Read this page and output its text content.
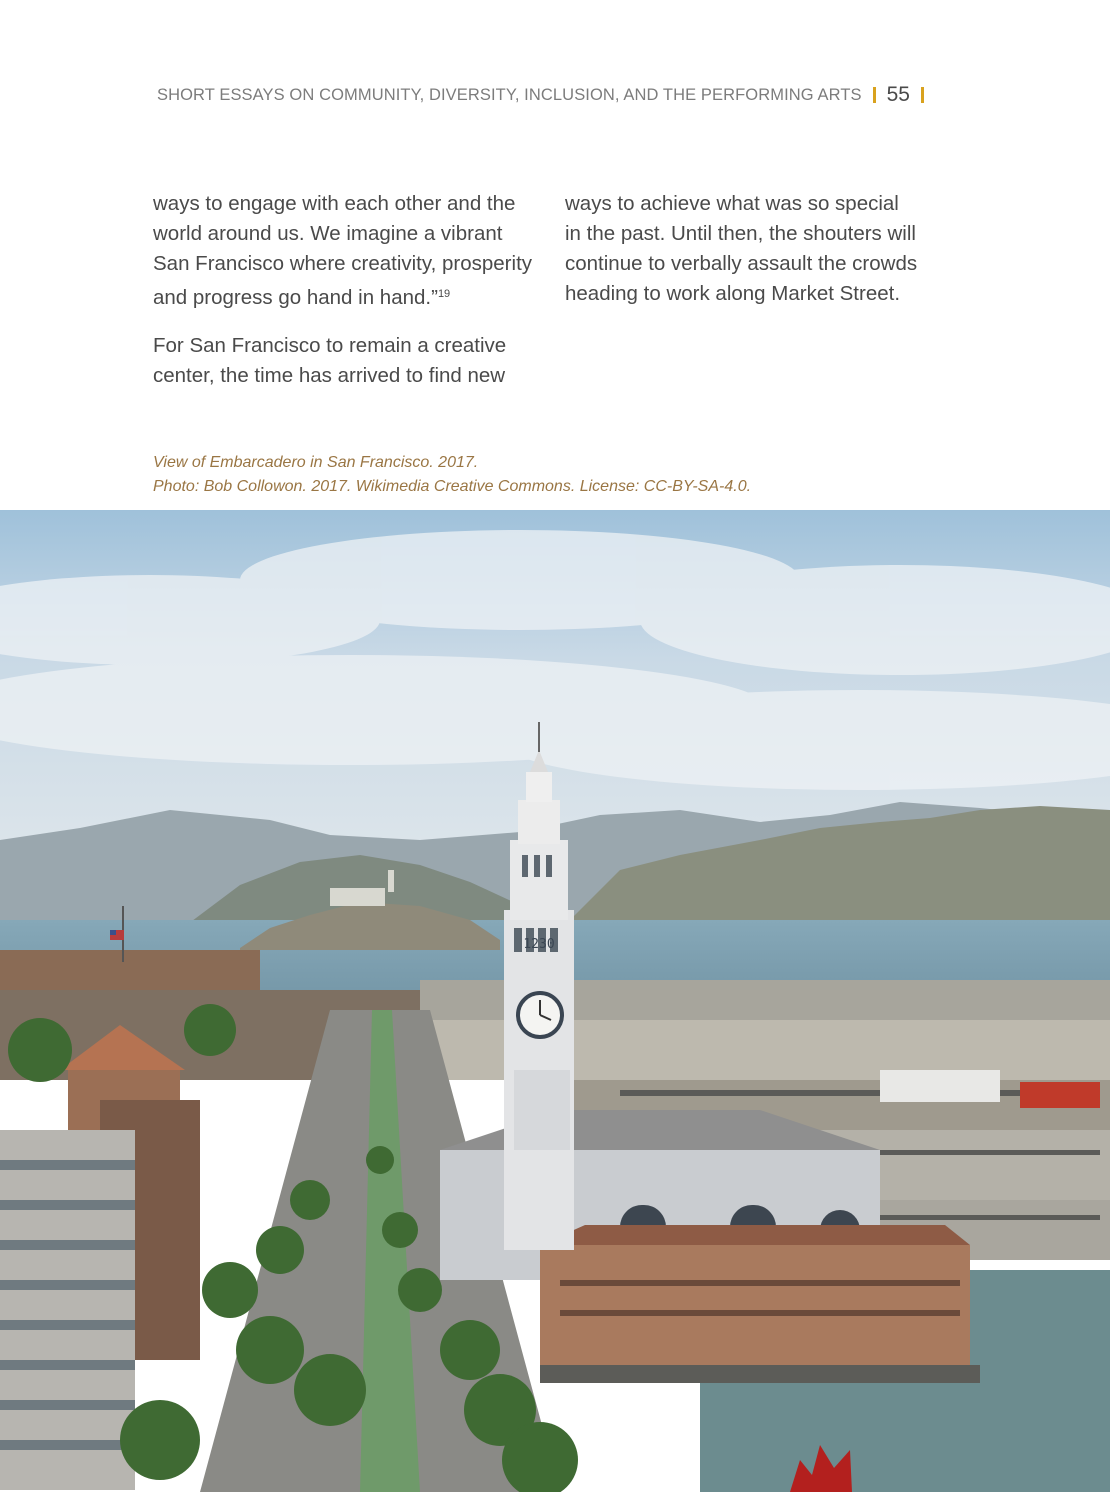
SHORT ESSAYS ON COMMUNITY, DIVERSITY, INCLUSION, AND THE PERFORMING ARTS 55

ways to engage with each other and the
world around us. We imagine a vibrant
San Francisco where creativity, prosperity
and progress go hand in hand.”$^{19}$

For San Francisco to remain a creative
center, the time has arrived to find new

ways to achieve what was so special
in the past. Until then, the shouters will
continue to verbally assault the crowds
heading to work along Market Street.

View of Embarcadero in San Francisco. 2017.
Photo: Bob Collowon. 2017. Wikimedia Creative Commons. License: CC-BY-SA-4.0.
1230
